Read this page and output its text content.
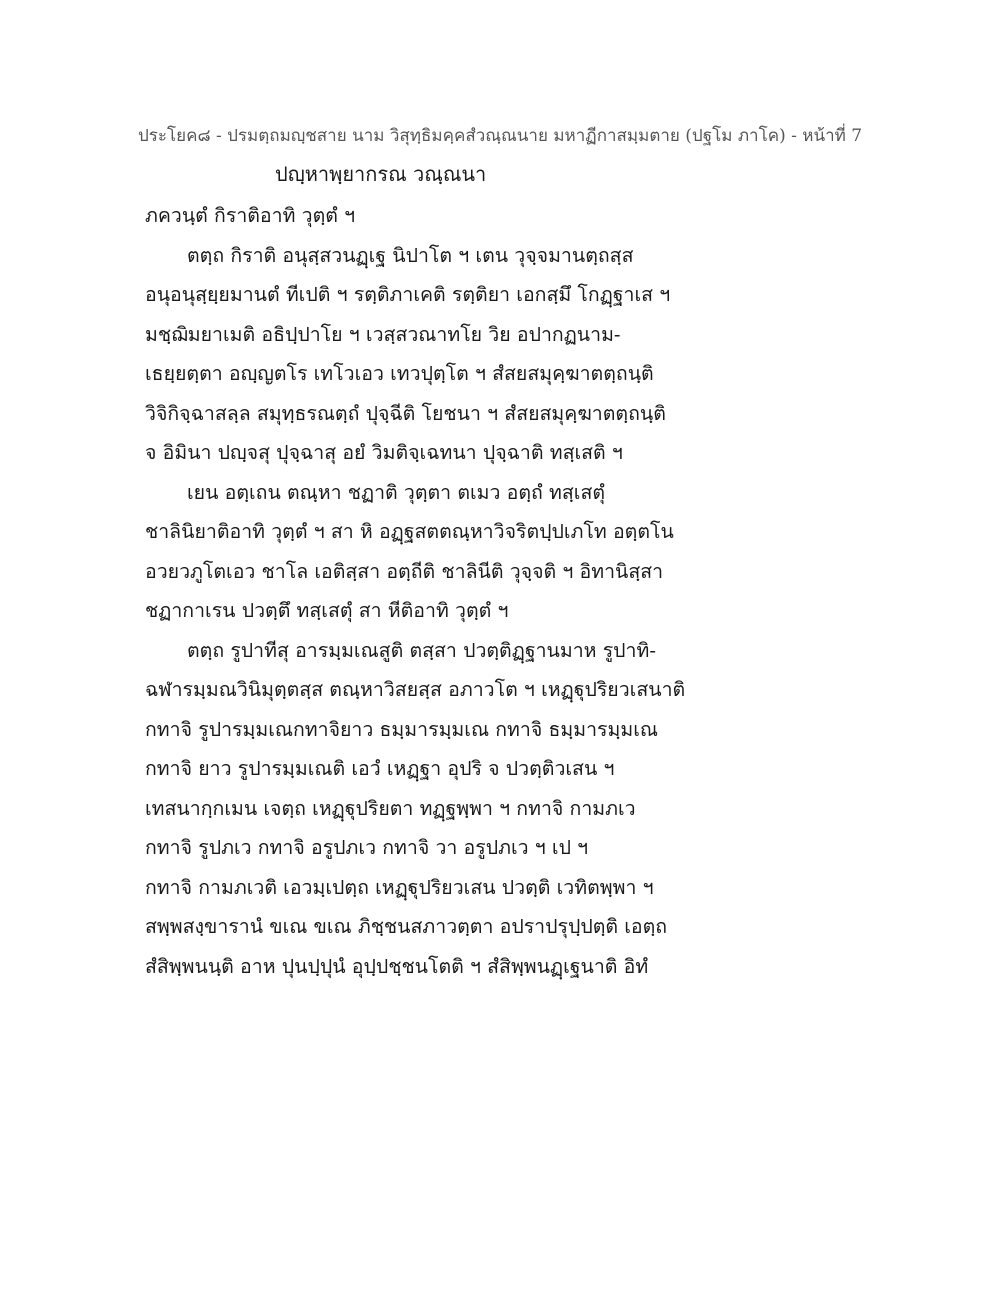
ประโยค๘ - ปรมตฺถมญฺชสาย นาม วิสุทฺธิมคฺคสํวณฺณนาย มหาฏีกาสมฺมตาย (ปฐโม ภาโค) - หน้าที่ 7
ปญฺหาพฺยากรณ วณฺณนา
ภควนฺตํ กิราติอาทิ วุตฺตํ ฯ
ตตฺถ กิราติ อนุสฺสวนฏฺเฐ นิปาโต ฯ เตน วุจฺจมานตฺถสฺส
อนุอนุสฺยฺยมานตํ ทีเปติ ฯ รตฺติภาเคติ รตฺติยา เอกสฺมึ โกฏฺฐาเส ฯ
มชฺฌิมยาเมติ อธิปฺปาโย ฯ เวสฺสวณาทโย วิย อปากฏนาม-
เธยฺยตฺตา อญฺญตโร เทโวเอว เทวปุตฺโต ฯ สํสยสมุคฺฆาตตฺถนฺติ
วิจิกิจฺฉาสลฺล สมุทฺธรณตฺถํ ปุจฺฉีติ โยชนา ฯ สํสยสมุคฺฆาตตฺถนฺติ
จ อิมินา ปญฺจสุ ปุจฺฉาสุ อยํ วิมติจฺเฉทนา ปุจฺฉาติ ทสฺเสติ ฯ
เยน อตฺเถน ตณฺหา ชฏาติ วุตฺตา ตเมว อตฺถํ ทสฺเสตุํ
ชาลินิยาติอาทิ วุตฺตํ ฯ สา หิ อฏฺฐสตตณฺหาวิจริตปฺปเภโท อตฺตโน
อวยวภูโตเอว ชาโล เอติสฺสา อตฺถีติ ชาลินีติ วุจฺจติ ฯ อิทานิสฺสา
ชฏากาเรน ปวตฺตึ ทสฺเสตุํ สา หีติอาทิ วุตฺตํ ฯ
ตตฺถ รูปาทีสุ อารมฺมเณสูติ ตสฺสา ปวตฺติฏฺฐานมาห รูปาทิ-
ฉฬารมฺมณวินิมุตฺตสฺส ตณฺหาวิสยสฺส อภาวโต ฯ เหฏฺฐุปริยวเสนาติ
กทาจิ รูปารมฺมเณกทาจิยาว ธมฺมารมฺมเณ กทาจิ ธมฺมารมฺมเณ
กทาจิ ยาว รูปารมฺมเณติ เอวํ เหฏฺฐา อุปริ จ ปวตฺติวเสน ฯ
เทสนากฺกเมน เจตฺถ เหฏฺฐุปริยตา ทฏฺฐพฺพา ฯ กทาจิ กามภเว
กทาจิ รูปภเว กทาจิ อรูปภเว กทาจิ วา อรูปภเว ฯ เป ฯ
กทาจิ กามภเวติ เอวมฺเปตฺถ เหฏฺฐุปริยวเสน ปวตฺติ เวทิตพฺพา ฯ
สพฺพสงฺขารานํ ขเณ ขเณ ภิชฺชนสภาวตฺตา อปราปรุปฺปตฺติ เอตฺถ
สํสิพฺพนนฺติ อาห ปุนปฺปุนํ อุปฺปชฺชนโตติ ฯ สํสิพฺพนฏฺเฐนาติ อิทํ
